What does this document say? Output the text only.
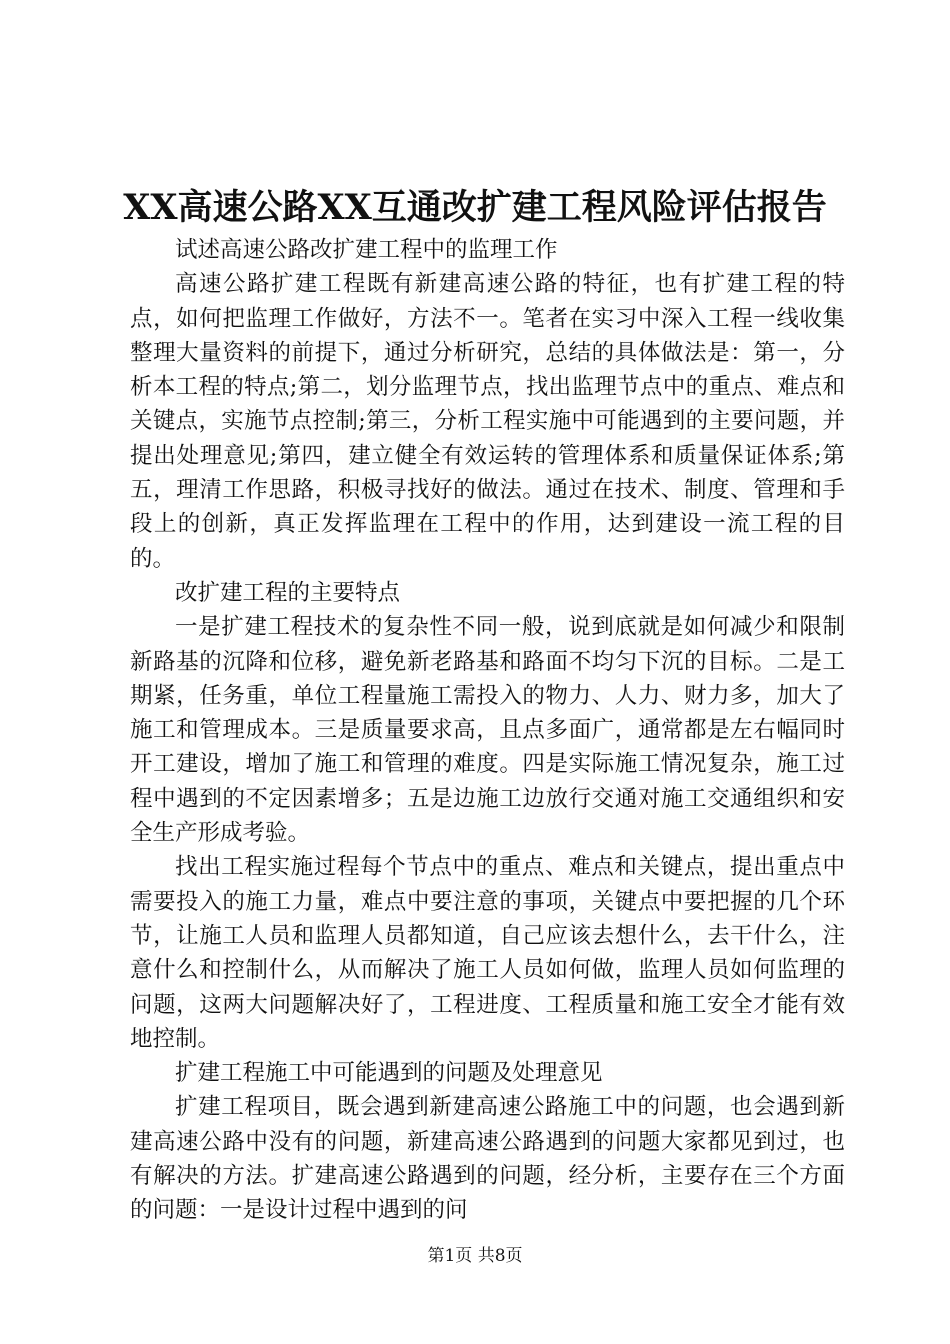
XX高速公路XX互通改扩建工程风险评估报告

试述高速公路改扩建工程中的监理工作

高速公路扩建工程既有新建高速公路的特征，也有扩建工程的特点，如何把监理工作做好，方法不一。笔者在实习中深入工程一线收集整理大量资料的前提下，通过分析研究，总结的具体做法是：第一，分析本工程的特点;第二，划分监理节点，找出监理节点中的重点、难点和关键点，实施节点控制;第三，分析工程实施中可能遇到的主要问题，并提出处理意见;第四，建立健全有效运转的管理体系和质量保证体系;第五，理清工作思路，积极寻找好的做法。通过在技术、制度、管理和手段上的创新，真正发挥监理在工程中的作用，达到建设一流工程的目的。

改扩建工程的主要特点

一是扩建工程技术的复杂性不同一般，说到底就是如何减少和限制新路基的沉降和位移，避免新老路基和路面不均匀下沉的目标。二是工期紧，任务重，单位工程量施工需投入的物力、人力、财力多，加大了施工和管理成本。三是质量要求高，且点多面广，通常都是左右幅同时开工建设，增加了施工和管理的难度。四是实际施工情况复杂，施工过程中遇到的不定因素增多；五是边施工边放行交通对施工交通组织和安全生产形成考验。

找出工程实施过程每个节点中的重点、难点和关键点，提出重点中需要投入的施工力量，难点中要注意的事项，关键点中要把握的几个环节，让施工人员和监理人员都知道，自己应该去想什么，去干什么，注意什么和控制什么，从而解决了施工人员如何做，监理人员如何监理的问题，这两大问题解决好了，工程进度、工程质量和施工安全才能有效地控制。

扩建工程施工中可能遇到的问题及处理意见

扩建工程项目，既会遇到新建高速公路施工中的问题，也会遇到新建高速公路中没有的问题，新建高速公路遇到的问题大家都见到过，也有解决的方法。扩建高速公路遇到的问题，经分析，主要存在三个方面的问题：一是设计过程中遇到的问

第1页 共8页
